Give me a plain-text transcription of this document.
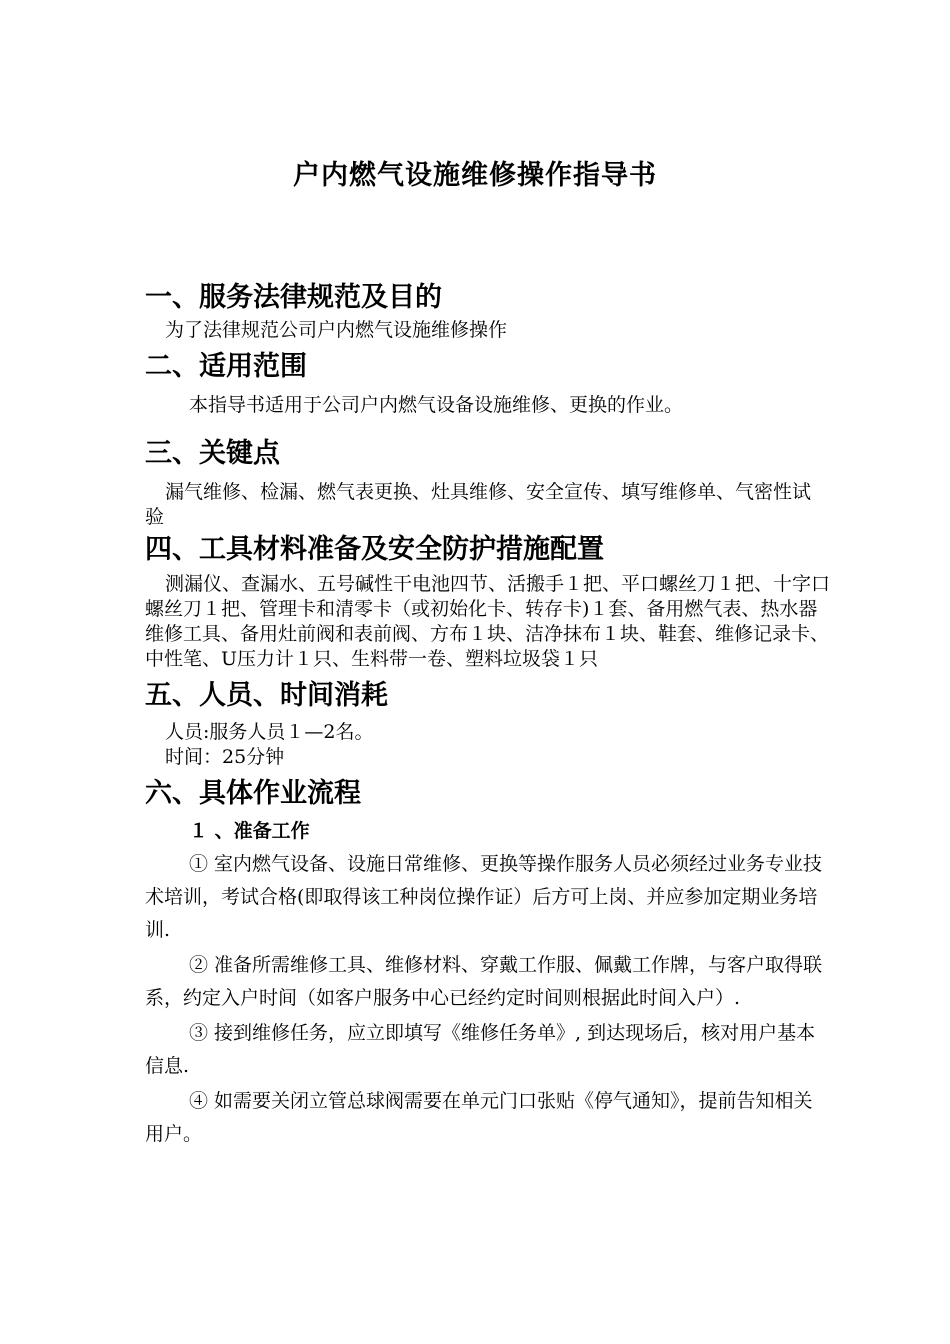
户内燃气设施维修操作指导书
一、服务法律规范及目的
为了法律规范公司户内燃气设施维修操作
二、适用范围
本指导书适用于公司户内燃气设备设施维修、更换的作业。
三、关键点
漏气维修、检漏、燃气表更换、灶具维修、安全宣传、填写维修单、气密性试验
四、工具材料准备及安全防护措施配置
测漏仪、查漏水、五号碱性干电池四节、活搬手１把、平口螺丝刀１把、十字口螺丝刀１把、管理卡和清零卡（或初始化卡、转存卡)１套、备用燃气表、热水器维修工具、备用灶前阀和表前阀、方布１块、洁净抹布１块、鞋套、维修记录卡、中性笔、U压力计１只、生料带一卷、塑料垃圾袋１只
五、人员、时间消耗
人员:服务人员１—2名。
时间：25分钟
六、具体作业流程
１ 、准备工作
① 室内燃气设备、设施日常维修、更换等操作服务人员必须经过业务专业技术培训，考试合格(即取得该工种岗位操作证）后方可上岗、并应参加定期业务培训.
② 准备所需维修工具、维修材料、穿戴工作服、佩戴工作牌，与客户取得联系，约定入户时间（如客户服务中心已经约定时间则根据此时间入户）.
③ 接到维修任务，应立即填写《维修任务单》, 到达现场后，核对用户基本信息.
④ 如需要关闭立管总球阀需要在单元门口张贴《停气通知》，提前告知相关用户。
